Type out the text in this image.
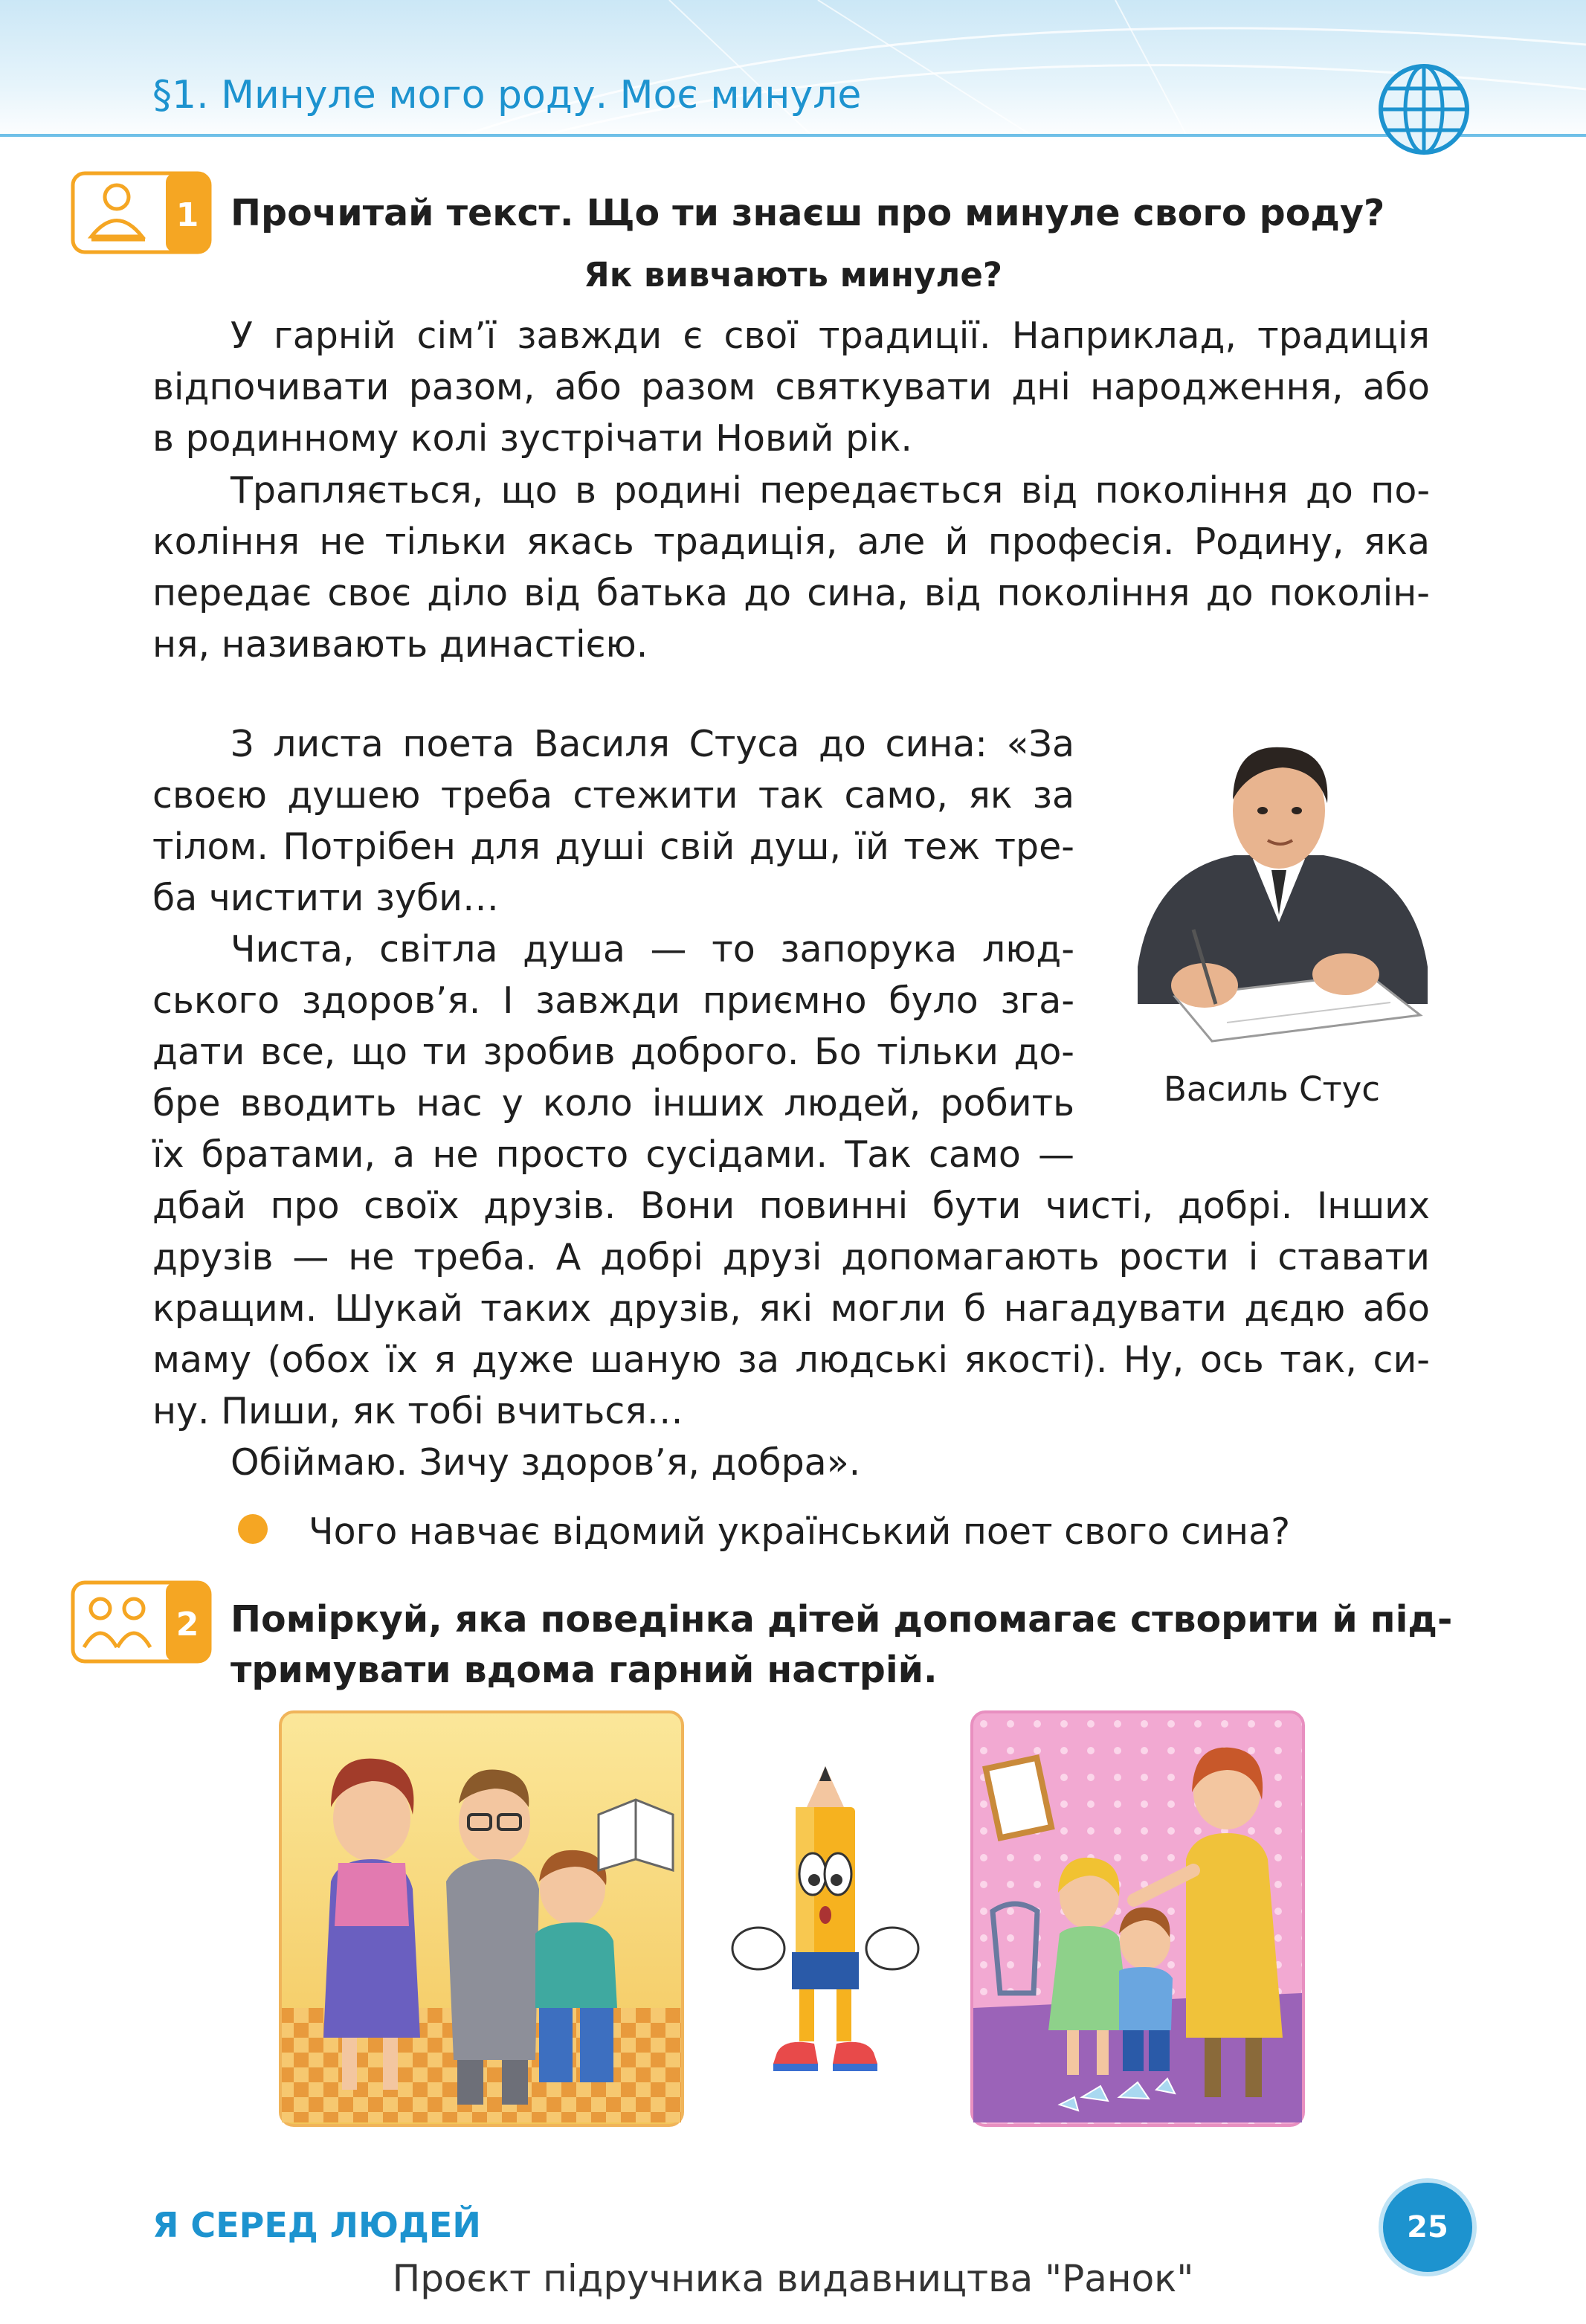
§1. Минуле мого роду. Моє минуле
1 Прочитай текст. Що ти знаєш про минуле свого роду?
Як вивчають минуле?
У гарній сім’ї завжди є свої традиції. Наприклад, традиція
відпочивати разом, або разом святкувати дні народження, або
в родинному колі зустрічати Новий рік.
Трапляється, що в родині передається від покоління до по-
коління не тільки якась традиція, але й професія. Родину, яка
передає своє діло від батька до сина, від покоління до поколін-
ня, називають династією.
З листа поета Василя Стуса до сина: «За
своєю душею треба стежити так само, як за
тілом. Потрібен для душі свій душ, їй теж тре-
ба чистити зуби…
Чиста, світла душа — то запорука люд-
ського здоров’я. І завжди приємно було зга-
дати все, що ти зробив доброго. Бо тільки до-
бре вводить нас у коло інших людей, робить
їх братами, а не просто сусідами. Так само —
дбай про своїх друзів. Вони повинні бути чисті, добрі. Інших
друзів — не треба. А добрі друзі допомагають рости і ставати
кращим. Шукай таких друзів, які могли б нагадувати дєдю або
маму (обох їх я дуже шаную за людські якості). Ну, ось так, си-
ну. Пиши, як тобі вчиться…
Обіймаю. Зичу здоров’я, добра».
Василь Стус
Чого навчає відомий український поет свого сина?
2 Поміркуй, яка поведінка дітей допомагає створити й під-
тримувати вдома гарний настрій.
Я СЕРЕД ЛЮДЕЙ	25
Проєкт підручника видавництва "Ранок"
